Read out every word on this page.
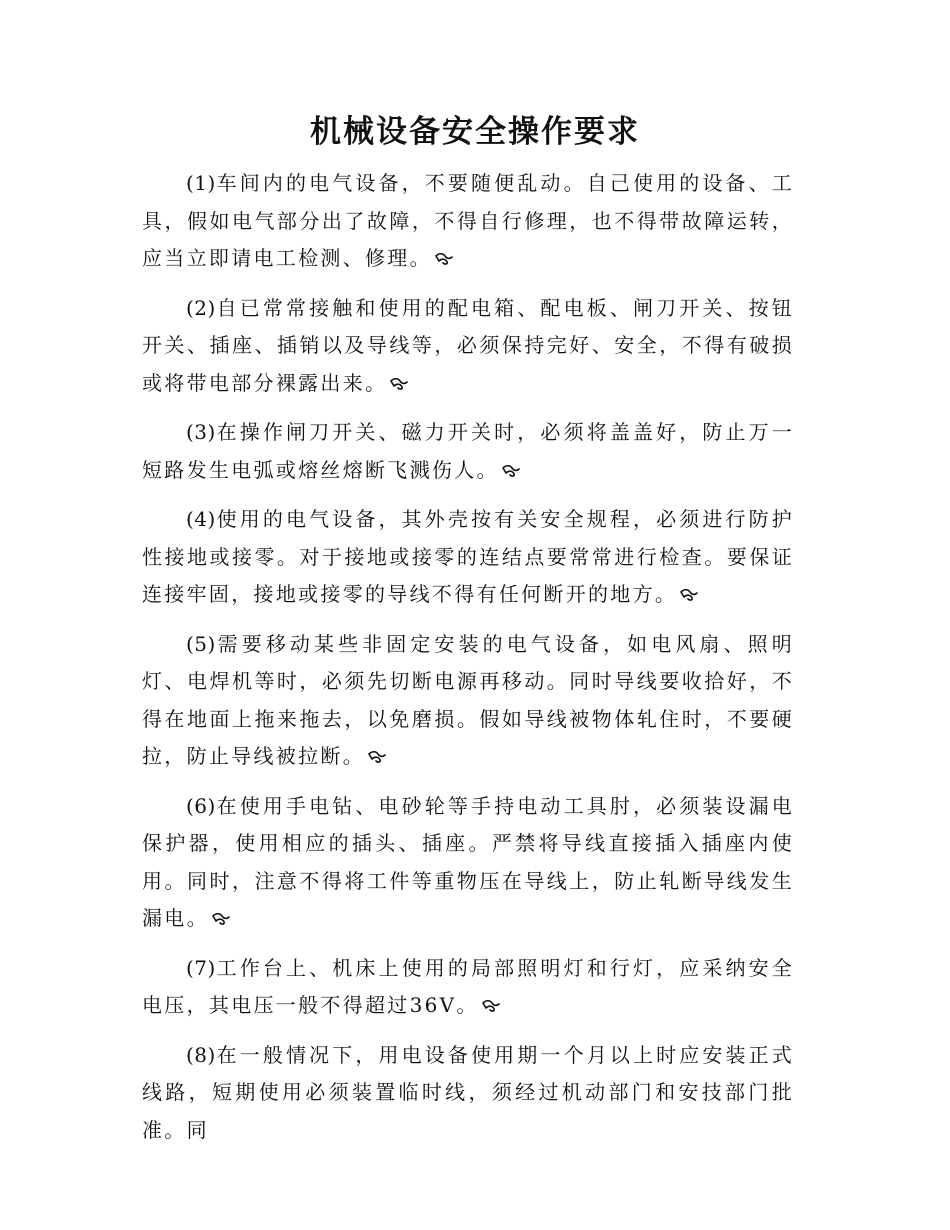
机械设备安全操作要求

(1)车间内的电气设备，不要随便乱动。自己使用的设备、工具，假如电气部分出了故障，不得自行修理，也不得带故障运转，应当立即请电工检测、修理。

(2)自已常常接触和使用的配电箱、配电板、闸刀开关、按钮开关、插座、插销以及导线等，必须保持完好、安全，不得有破损或将带电部分裸露出来。

(3)在操作闸刀开关、磁力开关时，必须将盖盖好，防止万一短路发生电弧或熔丝熔断飞溅伤人。

(4)使用的电气设备，其外壳按有关安全规程，必须进行防护性接地或接零。对于接地或接零的连结点要常常进行检查。要保证连接牢固，接地或接零的导线不得有任何断开的地方。

(5)需要移动某些非固定安装的电气设备，如电风扇、照明灯、电焊机等时，必须先切断电源再移动。同时导线要收拾好，不得在地面上拖来拖去，以免磨损。假如导线被物体轧住时，不要硬拉，防止导线被拉断。

(6)在使用手电钻、电砂轮等手持电动工具肘，必须装设漏电保护器，使用相应的插头、插座。严禁将导线直接插入插座内使用。同时，注意不得将工件等重物压在导线上，防止轧断导线发生漏电。

(7)工作台上、机床上使用的局部照明灯和行灯，应采纳安全电压，其电压一般不得超过36V。

(8)在一般情况下，用电设备使用期一个月以上时应安装正式线路，短期使用必须装置临时线，须经过机动部门和安技部门批准。同
